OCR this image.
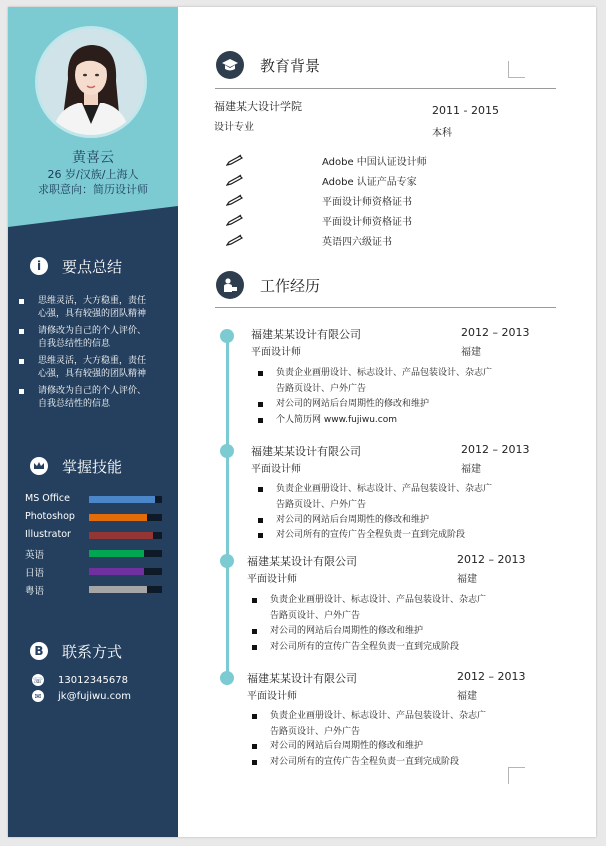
黄喜云
26 岁/汉族/上海人
求职意向：简历设计师
i	要点总结
思维灵活，大方稳重，责任
心强，具有较强的团队精神
请修改为自己的个人评价、
自我总结性的信息
思维灵活，大方稳重，责任
心强，具有较强的团队精神
请修改为自己的个人评价、
自我总结性的信息
掌握技能
MS Office
Photoshop
Illustrator
英语
日语
粤语
B 联系方式
☏ 13012345678
✉ jk@fujiwu.com
教育背景
福建某大设计学院
设计专业
2011 - 2015
本科
Adobe 中国认证设计师
Adobe 认证产品专家
平面设计师资格证书
平面设计师资格证书
英语四六级证书
工作经历
福建某某设计有限公司
平面设计师
2012 – 2013
福建
负责企业画册设计、标志设计、产品包装设计、杂志广
告路页设计、户外广告
对公司的网站后台周期性的修改和维护
个人简历网 www.fujiwu.com
福建某某设计有限公司
平面设计师
2012 – 2013
福建
负责企业画册设计、标志设计、产品包装设计、杂志广
告路页设计、户外广告
对公司的网站后台周期性的修改和维护
对公司所有的宣传广告全程负责一直到完成阶段
福建某某设计有限公司
平面设计师
2012 – 2013
福建
负责企业画册设计、标志设计、产品包装设计、杂志广
告路页设计、户外广告
对公司的网站后台周期性的修改和维护
对公司所有的宣传广告全程负责一直到完成阶段
福建某某设计有限公司
平面设计师
2012 – 2013
福建
负责企业画册设计、标志设计、产品包装设计、杂志广
告路页设计、户外广告
对公司的网站后台周期性的修改和维护
对公司所有的宣传广告全程负责一直到完成阶段
